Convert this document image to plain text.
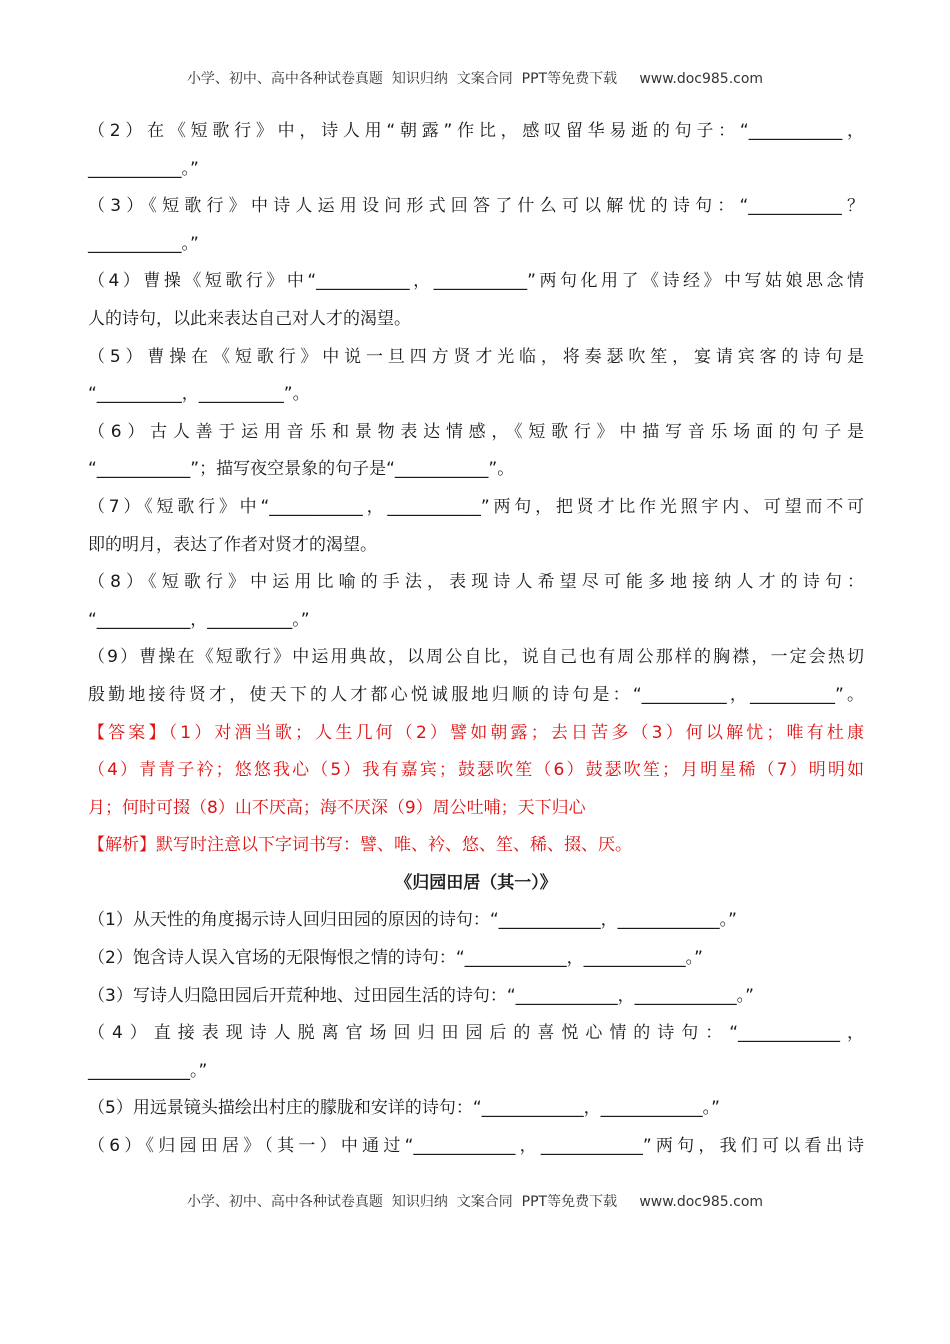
小学、初中、高中各种试卷真题  知识归纳  文案合同  PPT等免费下载     www.doc985.com
（2）在《短歌行》中，诗人用“朝露”作比，感叹留华易逝的句子：“___________，
___________。”
（3）《短歌行》中诗人运用设问形式回答了什么可以解忧的诗句：“___________？
___________。”
（4）曹操《短歌行》中“___________，___________”两句化用了《诗经》中写姑娘思念情
人的诗句，以此来表达自己对人才的渴望。
（5）曹操在《短歌行》中说一旦四方贤才光临，将奏瑟吹笙，宴请宾客的诗句是
“__________，__________”。
（6）古人善于运用音乐和景物表达情感，《短歌行》中描写音乐场面的句子是
“___________”；描写夜空景象的句子是“___________”。
（7）《短歌行》中“___________，___________”两句，把贤才比作光照宇内、可望而不可
即的明月，表达了作者对贤才的渴望。
（8）《短歌行》中运用比喻的手法，表现诗人希望尽可能多地接纳人才的诗句：
“___________，__________。”
（9）曹操在《短歌行》中运用典故，以周公自比，说自己也有周公那样的胸襟，一定会热切
殷勤地接待贤才，使天下的人才都心悦诚服地归顺的诗句是：“__________，__________”。
【答案】（1）对酒当歌；人生几何（2）譬如朝露；去日苦多（3）何以解忧；唯有杜康
（4）青青子衿；悠悠我心（5）我有嘉宾；鼓瑟吹笙（6）鼓瑟吹笙；月明星稀（7）明明如
月；何时可掇（8）山不厌高；海不厌深（9）周公吐哺；天下归心
【解析】默写时注意以下字词书写：譬、唯、衿、悠、笙、稀、掇、厌。
《归园田居（其一）》
（1）从天性的角度揭示诗人回归田园的原因的诗句：“____________，____________。”
（2）饱含诗人误入官场的无限悔恨之情的诗句：“____________，____________。”
（3）写诗人归隐田园后开荒种地、过田园生活的诗句：“____________，____________。”
（4）直接表现诗人脱离官场回归田园后的喜悦心情的诗句：“____________，
____________。”
（5）用远景镜头描绘出村庄的朦胧和安详的诗句：“____________，____________。”
（6）《归园田居》（其一）中通过“____________，____________”两句，我们可以看出诗
小学、初中、高中各种试卷真题  知识归纳  文案合同  PPT等免费下载     www.doc985.com
